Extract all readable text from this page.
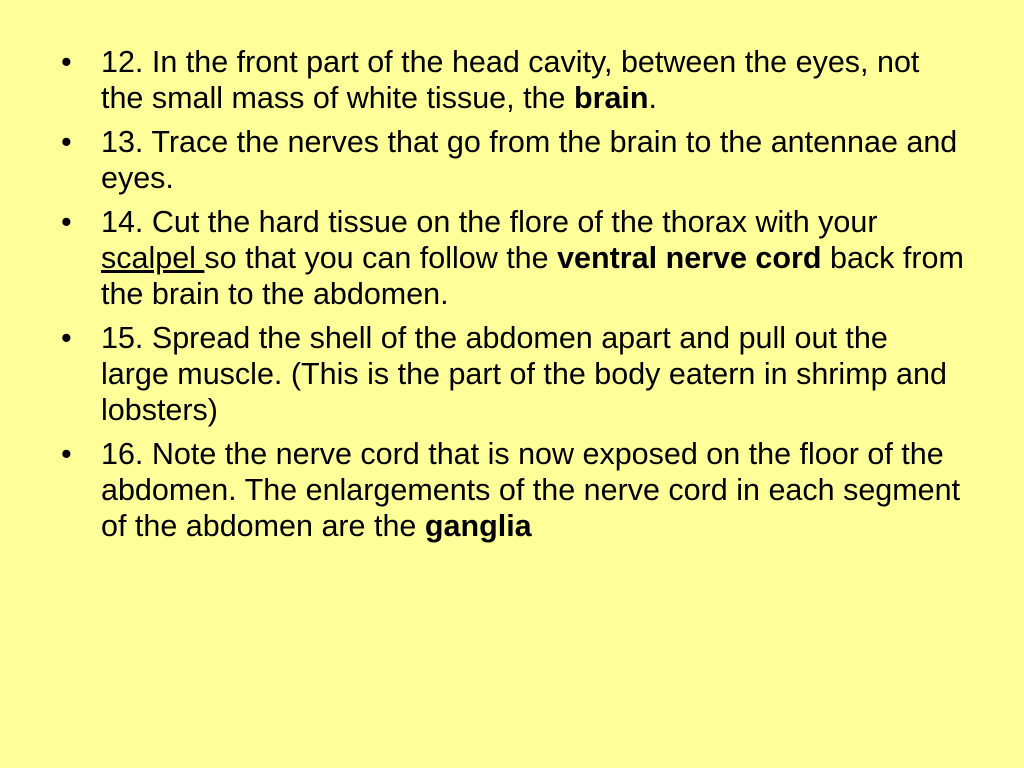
• 12. In the front part of the head cavity, between the eyes, not the small mass of white tissue, the brain.
• 13. Trace the nerves that go from the brain to the antennae and eyes.
• 14. Cut the hard tissue on the flore of the thorax with your scalpel so that you can follow the ventral nerve cord back from the brain to the abdomen.
• 15. Spread the shell of the abdomen apart and pull out the large muscle. (This is the part of the body eatern in shrimp and lobsters)
• 16. Note the nerve cord that is now exposed on the floor of the abdomen. The enlargements of the nerve cord in each segment of the abdomen are the ganglia
